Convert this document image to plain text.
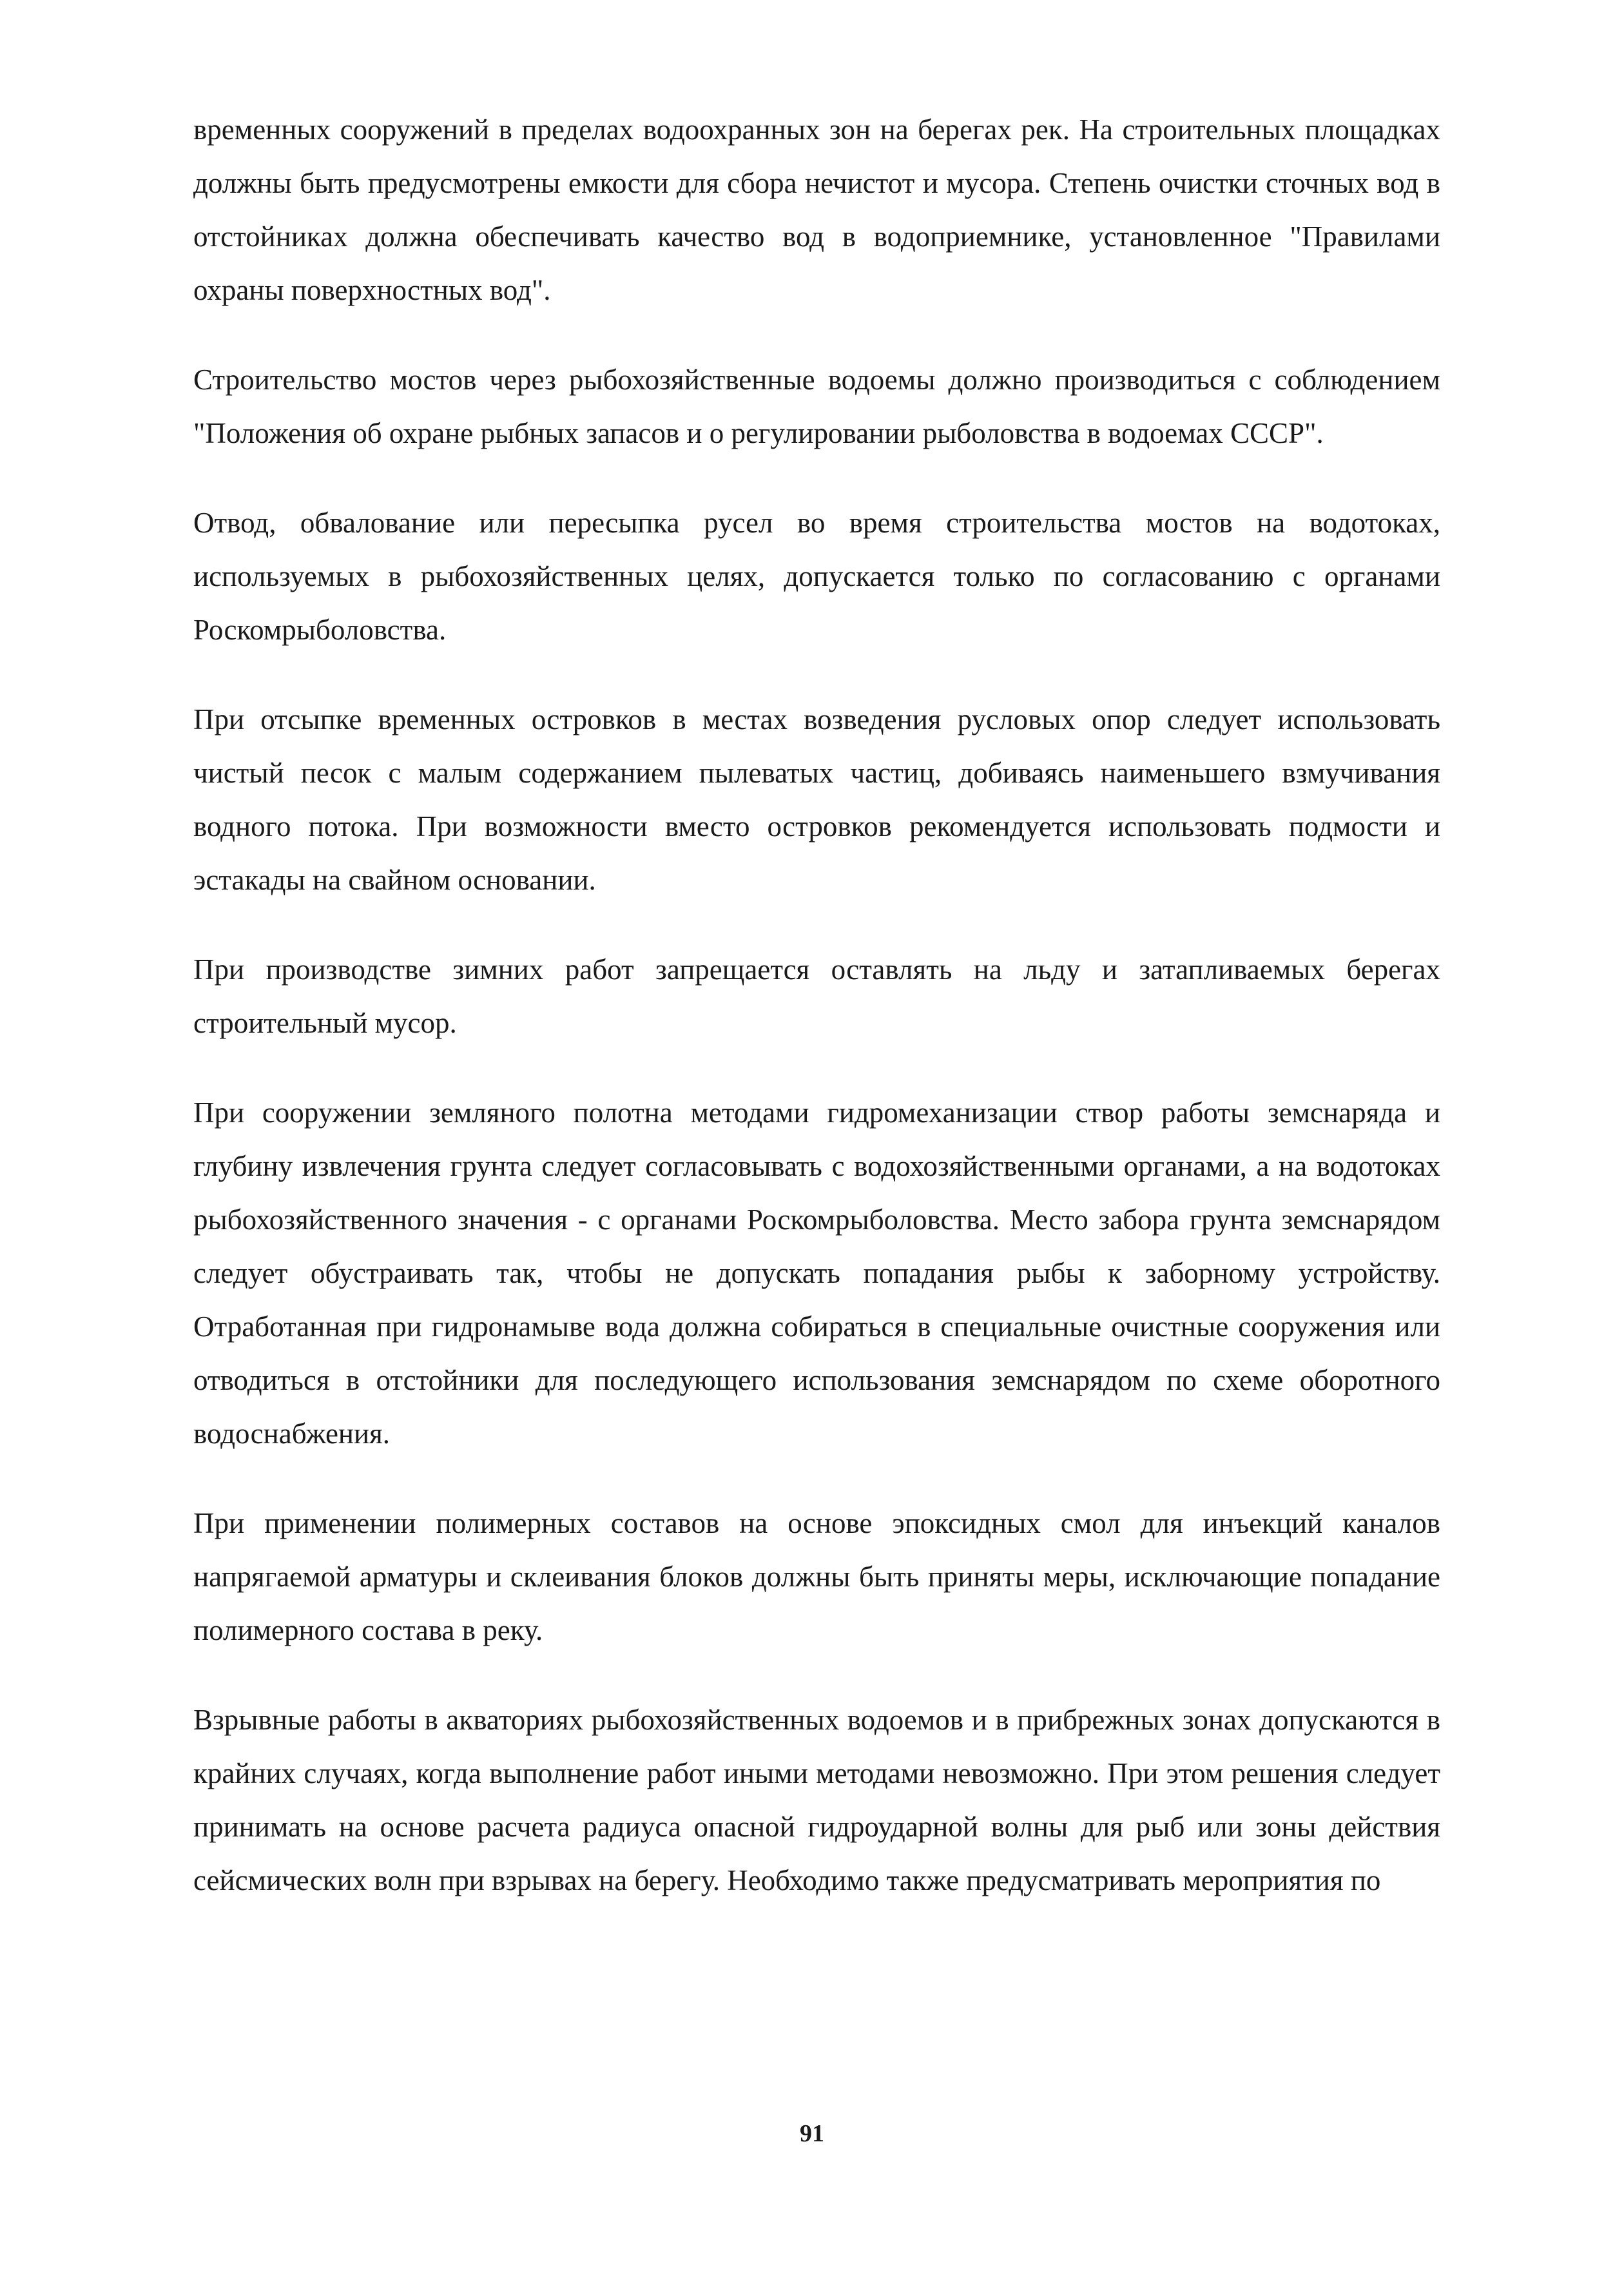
временных сооружений в пределах водоохранных зон на берегах рек. На строительных площадках должны быть предусмотрены емкости для сбора нечистот и мусора. Степень очистки сточных вод в отстойниках должна обеспечивать качество вод в водоприемнике, установленное "Правилами охраны поверхностных вод".

Строительство мостов через рыбохозяйственные водоемы должно производиться с соблюдением "Положения об охране рыбных запасов и о регулировании рыболовства в водоемах СССР".

Отвод, обвалование или пересыпка русел во время строительства мостов на водотоках, используемых в рыбохозяйственных целях, допускается только по согласованию с органами Роскомрыболовства.

При отсыпке временных островков в местах возведения русловых опор следует использовать чистый песок с малым содержанием пылеватых частиц, добиваясь наименьшего взмучивания водного потока. При возможности вместо островков рекомендуется использовать подмости и эстакады на свайном основании.

При производстве зимних работ запрещается оставлять на льду и затапливаемых берегах строительный мусор.

При сооружении земляного полотна методами гидромеханизации створ работы земснаряда и глубину извлечения грунта следует согласовывать с водохозяйственными органами, а на водотоках рыбохозяйственного значения - с органами Роскомрыболовства. Место забора грунта земснарядом следует обустраивать так, чтобы не допускать попадания рыбы к заборному устройству. Отработанная при гидронамыве вода должна собираться в специальные очистные сооружения или отводиться в отстойники для последующего использования земснарядом по схеме оборотного водоснабжения.

При применении полимерных составов на основе эпоксидных смол для инъекций каналов напрягаемой арматуры и склеивания блоков должны быть приняты меры, исключающие попадание полимерного состава в реку.

Взрывные работы в акваториях рыбохозяйственных водоемов и в прибрежных зонах допускаются в крайних случаях, когда выполнение работ иными методами невозможно. При этом решения следует принимать на основе расчета радиуса опасной гидроударной волны для рыб или зоны действия сейсмических волн при взрывах на берегу. Необходимо также предусматривать мероприятия по

91
